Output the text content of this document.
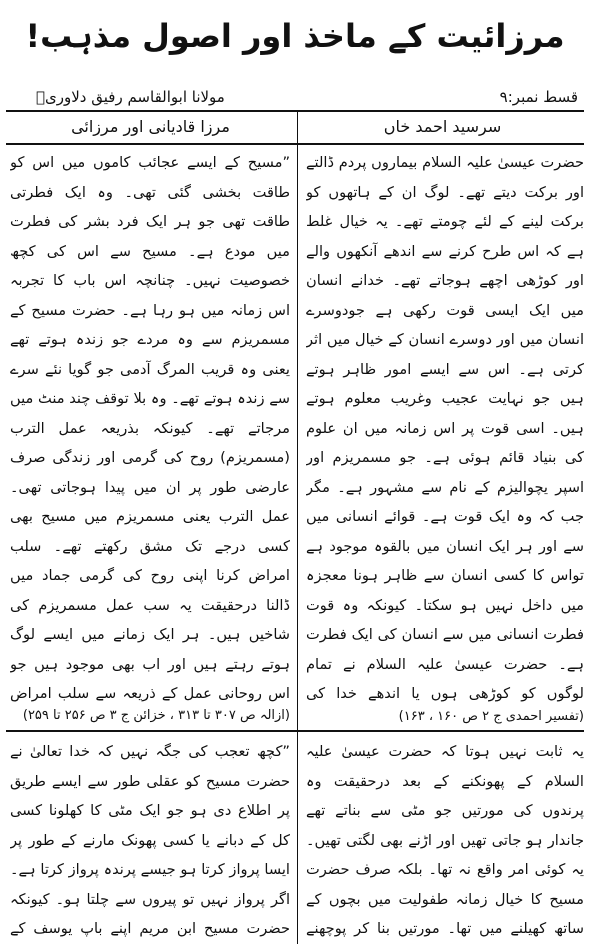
مرزائیت کے ماخذ اور اصول مذہب!
قسط نمبر:۹
مولانا ابوالقاسم رفیق دلاوریؒ
سرسید احمد خاں
مرزا قادیانی اور مرزائی

حضرت عیسیٰ علیہ السلام بیماروں پردم ڈالتے اور برکت دیتے تھے۔ لوگ ان کے ہاتھوں کو برکت لینے کے لئے چومتے تھے۔ یہ خیال غلط ہے کہ اس طرح کرنے سے اندھے آنکھوں والے اور کوڑھی اچھے ہوجاتے تھے۔ خدانے انسان میں ایک ایسی قوت رکھی ہے جودوسرے انسان میں اور دوسرے انسان کے خیال میں اثر کرتی ہے۔ اس سے ایسے امور ظاہر ہوتے ہیں جو نہایت عجیب وغریب معلوم ہوتے ہیں۔ اسی قوت پر اس زمانہ میں ان علوم کی بنیاد قائم ہوئی ہے۔ جو مسمریزم اور اسپر یچوالیزم کے نام سے مشہور ہے۔ مگر جب کہ وہ ایک قوت ہے۔ قوائے انسانی میں سے اور ہر ایک انسان میں بالقوہ موجود ہے تواس کا کسی انسان سے ظاہر ہونا معجزہ میں داخل نہیں ہو سکتا۔ کیونکہ وہ قوت فطرت انسانی میں سے انسان کی ایک فطرت ہے۔ حضرت عیسیٰ علیہ السلام نے تمام لوگوں کو کوڑھی ہوں یا اندھے خدا کی

(تفسیر احمدی ج ۲ ص ۱۶۰ ، ۱۶۳)

”مسیح کے ایسے عجائب کاموں میں اس کو طاقت بخشی گئی تھی۔ وہ ایک فطرتی طاقت تھی جو ہر ایک فرد بشر کی فطرت میں مودع ہے۔ مسیح سے اس کی کچھ خصوصیت نہیں۔ چنانچہ اس باب کا تجربہ اس زمانہ میں ہو رہا ہے۔ حضرت مسیح کے مسمریزم سے وہ مردے جو زندہ ہوتے تھے یعنی وہ قریب المرگ آدمی جو گویا نئے سرے سے زندہ ہوتے تھے۔ وہ بلا توقف چند منٹ میں مرجاتے تھے۔ کیونکہ بذریعہ عمل الترب (مسمریزم) روح کی گرمی اور زندگی صرف عارضی طور پر ان میں پیدا ہوجاتی تھی۔ عمل الترب یعنی مسمریزم میں مسیح بھی کسی درجے تک مشق رکھتے تھے۔ سلب امراض کرنا اپنی روح کی گرمی جماد میں ڈالنا درحقیقت یہ سب عمل مسمریزم کی شاخیں ہیں۔ ہر ایک زمانے میں ایسے لوگ ہوتے رہتے ہیں اور اب بھی موجود ہیں جو اس روحانی عمل کے ذریعہ سے سلب امراض

(ازالہ ص ۳۰۷ تا ۳۱۳ ، خزائن ج ۳ ص ۲۵۶ تا ۲۵۹)

یہ ثابت نہیں ہوتا کہ حضرت عیسیٰ علیہ السلام کے پھونکنے کے بعد درحقیقت وہ پرندوں کی مورتیں جو مٹی سے بناتے تھے جاندار ہو جاتی تھیں اور اڑنے بھی لگتی تھیں۔ یہ کوئی امر واقع نہ تھا۔ بلکہ صرف حضرت مسیح کا خیال زمانہ طفولیت میں بچوں کے ساتھ کھیلنے میں تھا۔ مورتیں بنا کر پوچھنے

”کچھ تعجب کی جگہ نہیں کہ خدا تعالیٰ نے حضرت مسیح کو عقلی طور سے ایسے طریق پر اطلاع دی ہو جو ایک مٹی کا کھلونا کسی کل کے دبانے یا کسی پھونک مارنے کے طور پر ایسا پرواز کرتا ہو جیسے پرندہ پرواز کرتا ہے۔ اگر پرواز نہیں تو پیروں سے چلتا ہو۔ کیونکہ حضرت مسیح ابن مریم اپنے باپ یوسف کے
